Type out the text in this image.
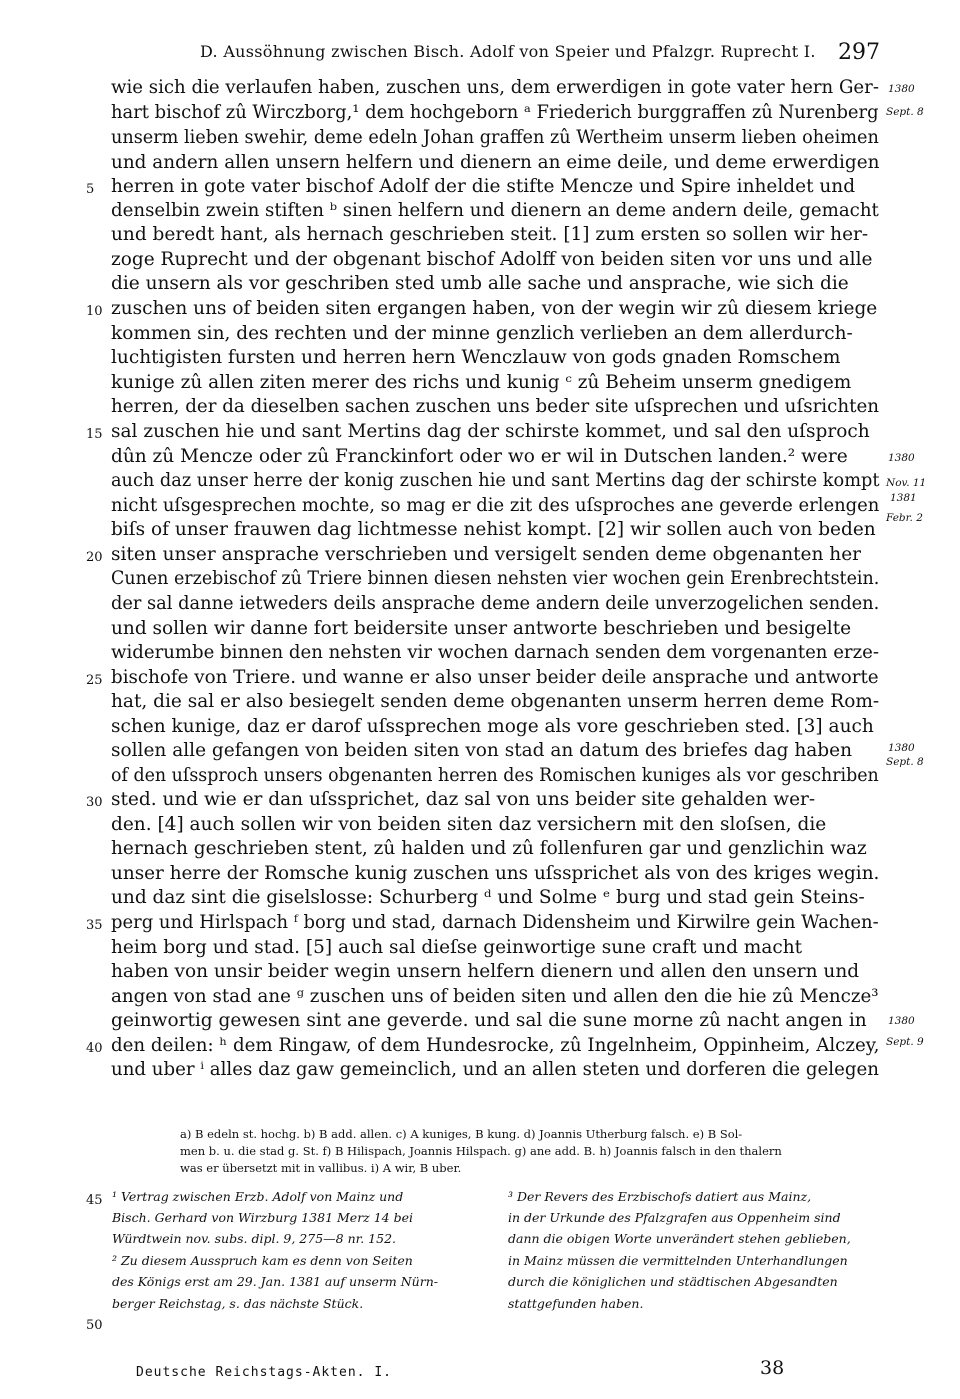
D. Aussöhnung zwischen Bisch. Adolf von Speier und Pfalzgr. Ruprecht I. 297
wie sich die verlaufen haben, zuschen uns, dem erwerdigen in gote vater hern Ger-
hart bischof zû Wirczborg,¹ dem hochgeborn ᵃ Friederich burggraffen zû Nurenberg
unserm lieben swehir, deme edeln Johan graffen zû Wertheim unserm lieben oheimen
und andern allen unsern helfern und dienern an eime deile, und deme erwerdigen
herren in gote vater bischof Adolf der die stifte Mencze und Spire inheldet und
denselbin zwein stiften ᵇ sinen helfern und dienern an deme andern deile, gemacht
und beredt hant, als hernach geschrieben steit. [1] zum ersten so sollen wir her-
zoge Ruprecht und der obgenant bischof Adolff von beiden siten vor uns und alle
die unsern als vor geschriben sted umb alle sache und ansprache, wie sich die
zuschen uns of beiden siten ergangen haben, von der wegin wir zû diesem kriege
kommen sin, des rechten und der minne genzlich verlieben an dem allerdurch-
luchtigisten fursten und herren hern Wenczlauw von gods gnaden Romschem
kunige zû allen ziten merer des richs und kunig ᶜ zû Beheim unserm gnedigem
herren, der da dieselben sachen zuschen uns beder site uſsprechen und uſsrichten
sal zuschen hie und sant Mertins dag der schirste kommet, und sal den uſsproch
dûn zû Mencze oder zû Franckinfort oder wo er wil in Dutschen landen.² were
auch daz unser herre der konig zuschen hie und sant Mertins dag der schirste kompt
nicht uſsgesprechen mochte, so mag er die zit des uſsproches ane geverde erlengen
biſs of unser frauwen dag lichtmesse nehist kompt. [2] wir sollen auch von beden
siten unser ansprache verschrieben und versigelt senden deme obgenanten her
Cunen erzebischof zû Triere binnen diesen nehsten vier wochen gein Erenbrechtstein.
der sal danne ietweders deils ansprache deme andern deile unverzogelichen senden.
und sollen wir danne fort beidersite unser antworte beschrieben und besigelte
widerumbe binnen den nehsten vir wochen darnach senden dem vorgenanten erze-
bischofe von Triere. und wanne er also unser beider deile ansprache und antworte
hat, die sal er also besiegelt senden deme obgenanten unserm herren deme Rom-
schen kunige, daz er darof uſssprechen moge als vore geschrieben sted. [3] auch
sollen alle gefangen von beiden siten von stad an datum des briefes dag haben
of den uſssproch unsers obgenanten herren des Romischen kuniges als vor geschriben
sted. und wie er dan uſssprichet, daz sal von uns beider site gehalden wer-
den. [4] auch sollen wir von beiden siten daz versichern mit den sloſsen, die
hernach geschrieben stent, zû halden und zû follenfuren gar und genzlichin waz
unser herre der Romsche kunig zuschen uns uſssprichet als von des kriges wegin.
und daz sint die giselslosse: Schurberg ᵈ und Solme ᵉ burg und stad gein Steins-
perg und Hirlspach ᶠ borg und stad, darnach Didensheim und Kirwilre gein Wachen-
heim borg und stad. [5] auch sal dieſse geinwortige sune craft und macht
haben von unsir beider wegin unsern helfern dienern und allen den unsern und
angen von stad ane ᵍ zuschen uns of beiden siten und allen den die hie zû Mencze³
geinwortig gewesen sint ane geverde. und sal die sune morne zû nacht angen in
den deilen: ʰ dem Ringaw, of dem Hundesrocke, zû Ingelnheim, Oppinheim, Alczey,
und uber ⁱ alles daz gaw gemeinclich, und an allen steten und dorferen die gelegen
5
10
15
20
25
30
35
40
45
50
1380
Sept. 8
1380
Nov. 11
1381
Febr. 2
1380
Sept. 8
1380
Sept. 9
a) B edeln st. hochg. b) B add. allen. c) A kuniges, B kung. d) Joannis Utherburg falsch. e) B Sol-
men b. u. die stad g. St. f) B Hilispach, Joannis Hilspach. g) ane add. B. h) Joannis falsch in den thalern
was er übersetzt mit in vallibus. i) A wir, B uber.
¹ Vertrag zwischen Erzb. Adolf von Mainz und
Bisch. Gerhard von Wirzburg 1381 Merz 14 bei
Würdtwein nov. subs. dipl. 9, 275—8 nr. 152.
² Zu diesem Ausspruch kam es denn von Seiten
des Königs erst am 29. Jan. 1381 auf unserm Nürn-
berger Reichstag, s. das nächste Stück.
³ Der Revers des Erzbischofs datiert aus Mainz,
in der Urkunde des Pfalzgrafen aus Oppenheim sind
dann die obigen Worte unverändert stehen geblieben,
in Mainz müssen die vermittelnden Unterhandlungen
durch die königlichen und städtischen Abgesandten
stattgefunden haben.
Deutsche Reichstags-Akten. I.	38
